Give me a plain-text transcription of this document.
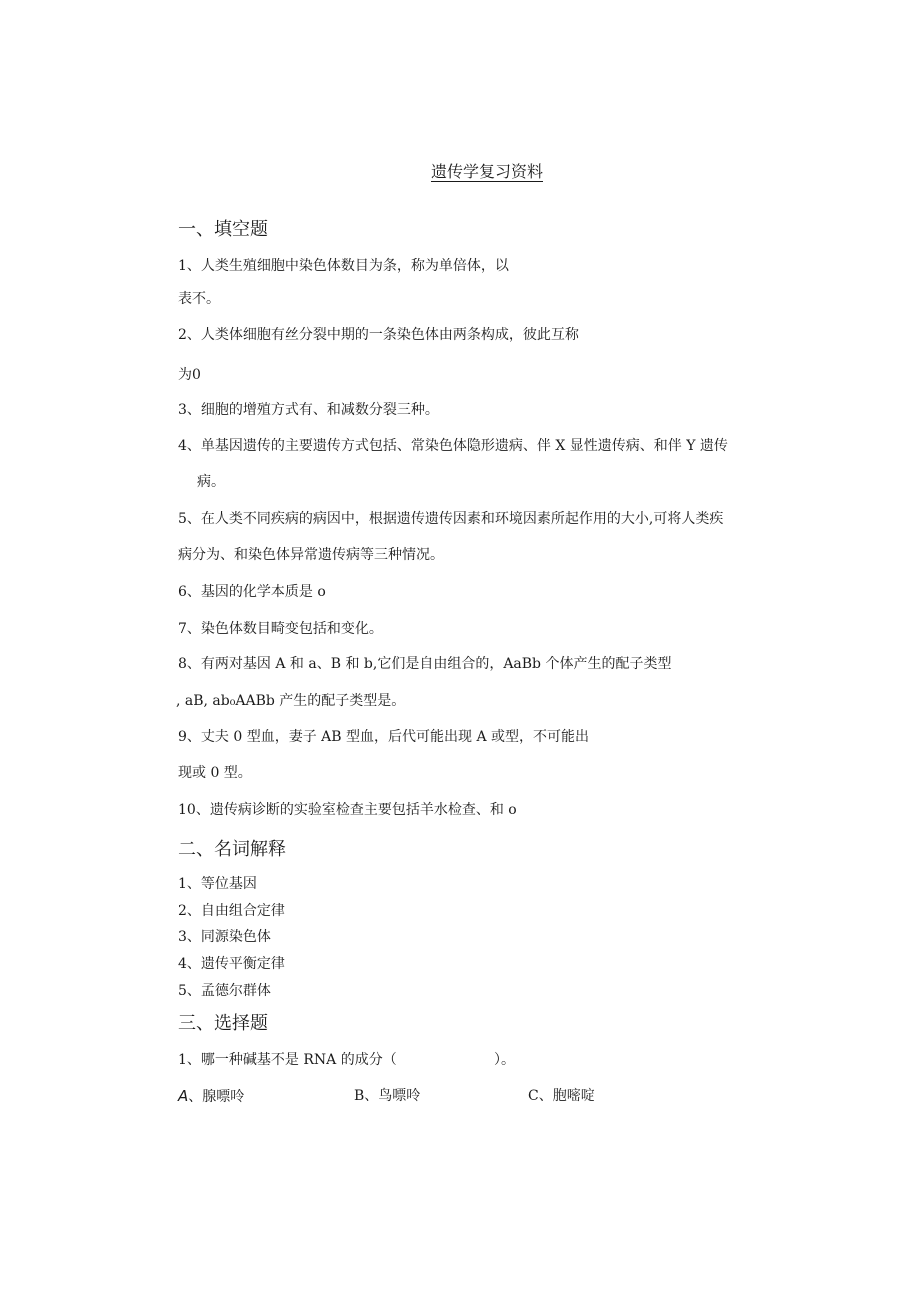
遗传学复习资料
一、填空题
1、人类生殖细胞中染色体数目为条，称为单倍体，以
表不。
2、人类体细胞有丝分裂中期的一条染色体由两条构成，彼此互称
为0
3、细胞的增殖方式有、和减数分裂三种。
4、单基因遗传的主要遗传方式包括、常染色体隐形遗病、伴 X 显性遗传病、和伴 Y 遗传
病。
5、在人类不同疾病的病因中，根据遗传遗传因素和环境因素所起作用的大小,可将人类疾
病分为、和染色体异常遗传病等三种情况。
6、基因的化学本质是 o
7、染色体数目畸变包括和变化。
8、有两对基因 A 和 a、B 和 b,它们是自由组合的，AaBb 个体产生的配子类型
, aB, ab₀AABb 产生的配子类型是。
9、丈夫 0 型血，妻子 AB 型血，后代可能出现 A 或型，不可能出
现或 0 型。
10、遗传病诊断的实验室检查主要包括羊水检查、和 o
二、名词解释
1、等位基因
2、自由组合定律
3、同源染色体
4、遗传平衡定律
5、孟德尔群体
三、选择题
1、哪一种碱基不是 RNA 的成分（	）。
A、腺嘌呤	B、鸟嘌呤	C、胞嘧啶
